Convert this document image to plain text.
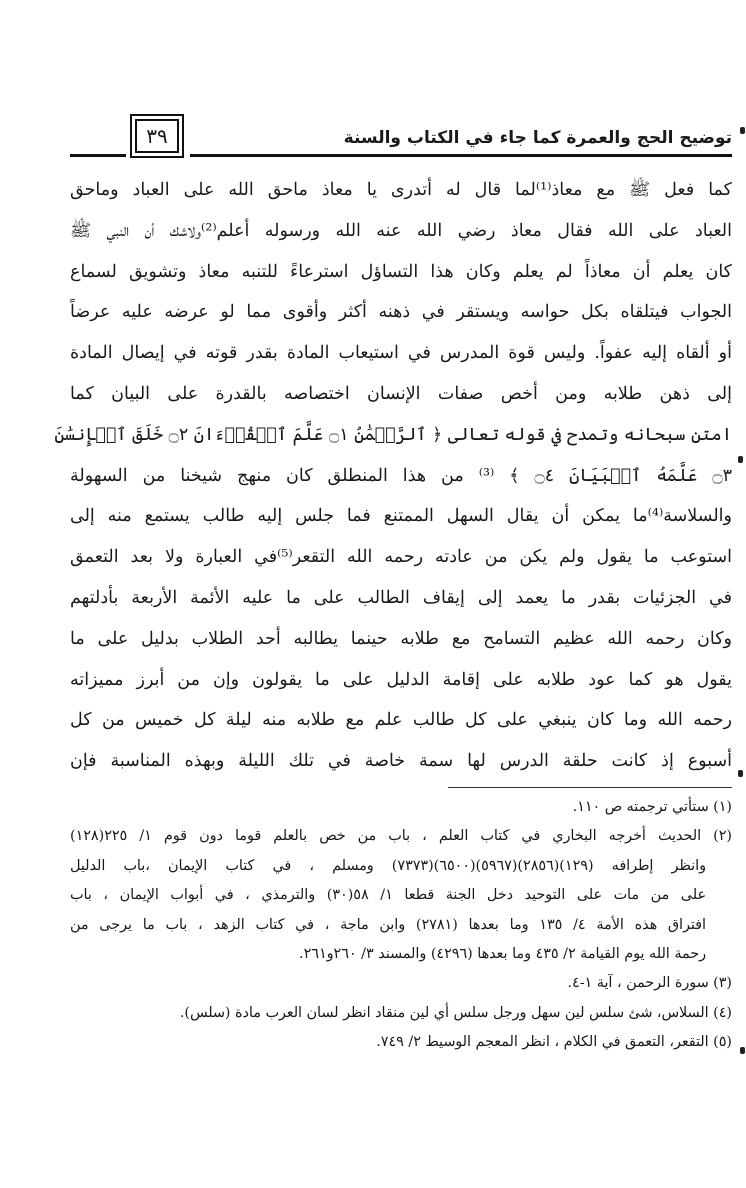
توضيح الحج والعمرة كما جاء في الكتاب والسنة
٣٩
كما فعل ﷺ مع معاذ⁽¹⁾لما قال له أتدرى يا معاذ ماحق الله على العباد وماحق
العباد على الله فقال معاذ رضي الله عنه الله ورسوله أعلم⁽²⁾ولاشك أن النبي ﷺ
كان يعلم أن معاذاً لم يعلم وكان هذا التساؤل استرعاءً للتنبه معاذ وتشويق لسماع
الجواب فيتلقاه بكل حواسه ويستقر في ذهنه أكثر وأقوى مما لو عرضه عليه عرضاً
أو ألقاه إليه عفواً. وليس قوة المدرس في استيعاب المادة بقدر قوته في إيصال المادة
إلى ذهن طلابه ومن أخص صفات الإنسان اختصاصه بالقدرة على البيان كما
امتن سبحانه وتمدح في قوله تعالى ﴿ ٱلرَّحۡمَٰنُ ۝١ عَلَّمَ ٱلۡقُرۡءَانَ ۝٢ خَلَقَ ٱلۡإِنسَٰنَ
۝٣ عَلَّمَهُ ٱلۡبَيَانَ ۝٤ ﴾ ⁽³⁾ من هذا المنطلق كان منهج شيخنا من السهولة
والسلاسة⁽⁴⁾ما يمكن أن يقال السهل الممتنع فما جلس إليه طالب يستمع منه إلى
استوعب ما يقول ولم يكن من عادته رحمه الله التقعر⁽⁵⁾في العبارة ولا بعد التعمق
في الجزئيات بقدر ما يعمد إلى إيقاف الطالب على ما عليه الأئمة الأربعة بأدلتهم
وكان رحمه الله عظيم التسامح مع طلابه حينما يطالبه أحد الطلاب بدليل على ما
يقول هو كما عود طلابه على إقامة الدليل على ما يقولون وإن من أبرز مميزاته
رحمه الله وما كان ينبغي على كل طالب علم مع طلابه منه ليلة كل خميس من كل
أسبوع إذ كانت حلقة الدرس لها سمة خاصة في تلك الليلة وبهذه المناسبة فإن
(١) ستأتي ترجمته ص ١١٠.
(٢) الحديث أخرجه البخاري في كتاب العلم ، باب من خص بالعلم قوما دون قوم ١/ ٢٢٥(١٢٨)
وانظر إطرافه (١٢٩)(٢٨٥٦)(٥٩٦٧)(٦٥٠٠)(٧٣٧٣) ومسلم ، في كتاب الإيمان ،باب الدليل
على من مات على التوحيد دخل الجنة قطعا ١/ ٥٨(٣٠) والترمذي ، في أبواب الإيمان ، باب
افتراق هذه الأمة ٤/ ١٣٥ وما بعدها (٢٧٨١) وابن ماجة ، في كتاب الزهد ، باب ما يرجى من
رحمة الله يوم القيامة ٢/ ٤٣٥ وما بعدها (٤٢٩٦) والمسند ٣/ ٢٦٠و٢٦١.
(٣) سورة الرحمن ، آية ١-٤.
(٤) السلاس، شئ سلس لين سهل ورجل سلس أي لين منقاد انظر لسان العرب مادة (سلس).
(٥) التقعر، التعمق في الكلام ، انظر المعجم الوسيط ٢/ ٧٤٩.
